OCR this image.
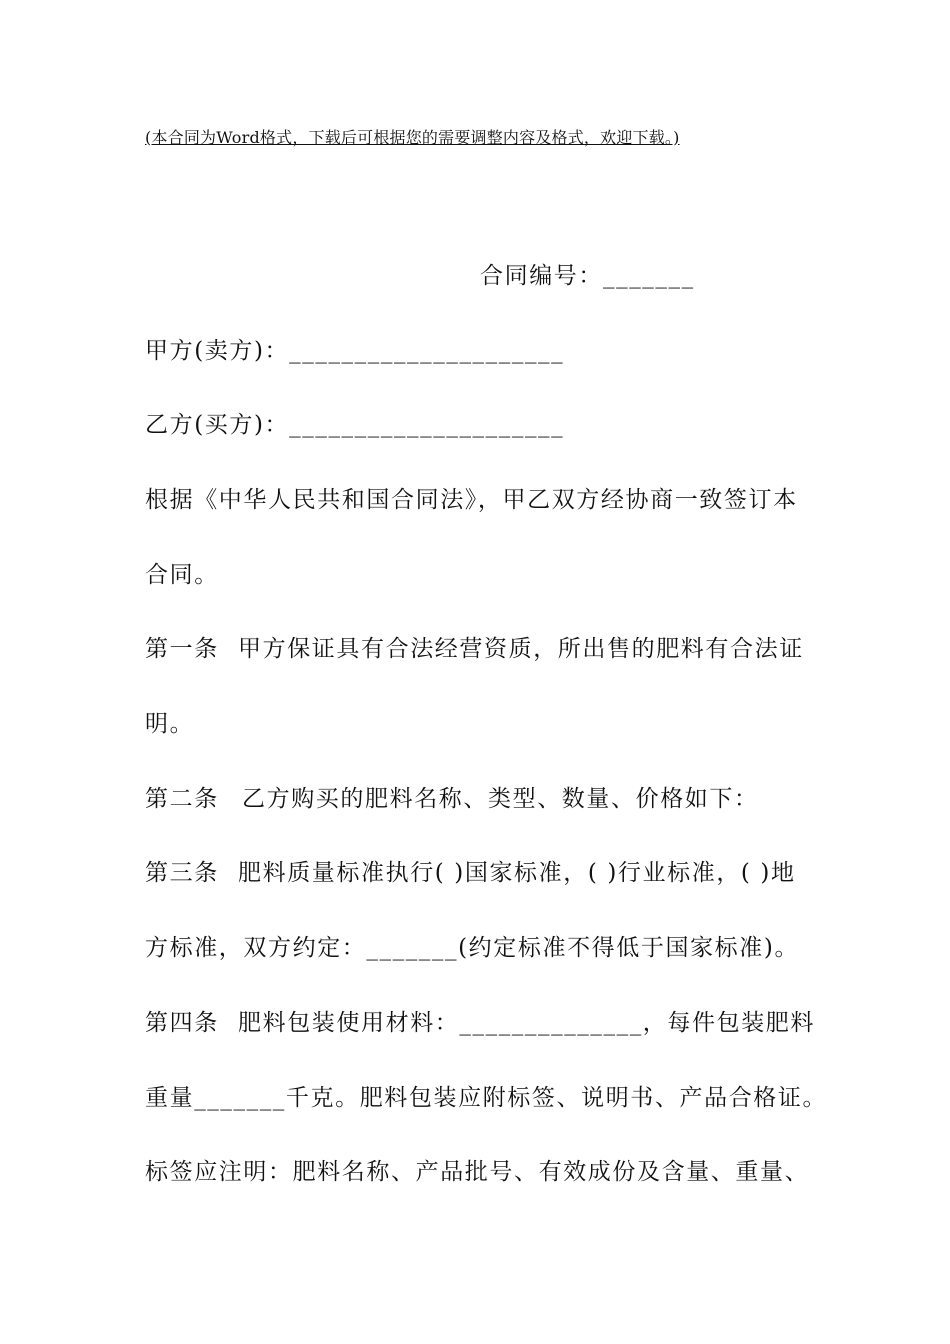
(本合同为Word格式，下载后可根据您的需要调整内容及格式，欢迎下载。)
合同编号：_______
甲方(卖方)：_____________________
乙方(买方)：_____________________
根据《中华人民共和国合同法》，甲乙双方经协商一致签订本
合同。
第一条 甲方保证具有合法经营资质，所出售的肥料有合法证
明。
第二条 乙方购买的肥料名称、类型、数量、价格如下：
第三条 肥料质量标准执行( )国家标准，( )行业标准，( )地
方标准，双方约定：_______(约定标准不得低于国家标准)。
第四条 肥料包装使用材料：______________，每件包装肥料
重量_______千克。肥料包装应附标签、说明书、产品合格证。
标签应注明：肥料名称、产品批号、有效成份及含量、重量、
